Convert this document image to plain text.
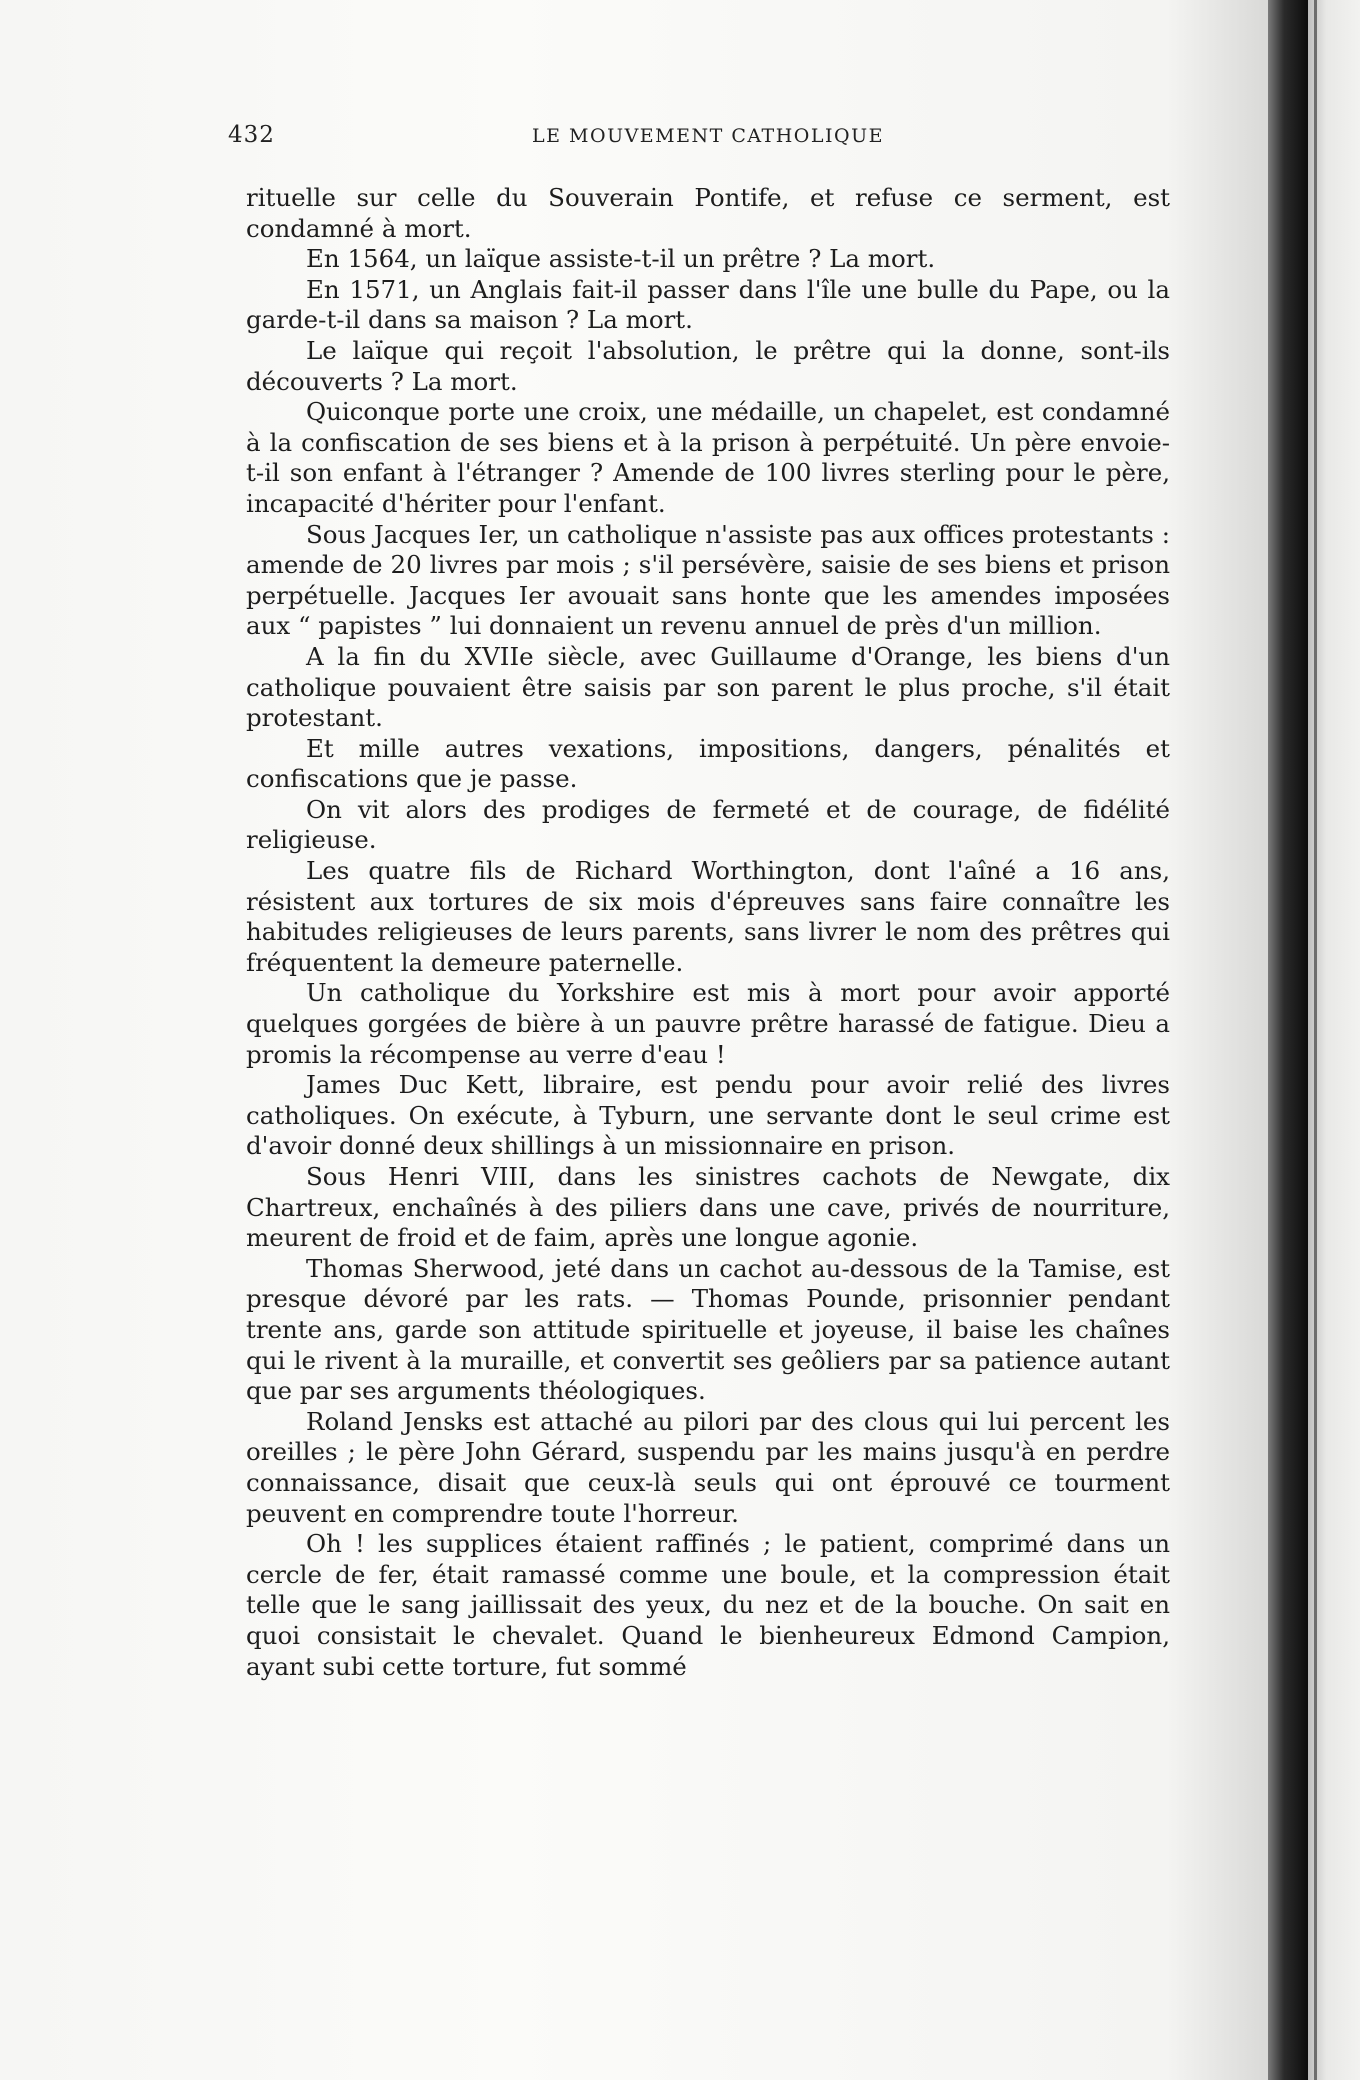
432	LE MOUVEMENT CATHOLIQUE

rituelle sur celle du Souverain Pontife, et refuse ce serment, est condamné à mort.

En 1564, un laïque assiste-t-il un prêtre ? La mort.

En 1571, un Anglais fait-il passer dans l'île une bulle du Pape, ou la garde-t-il dans sa maison ? La mort.

Le laïque qui reçoit l'absolution, le prêtre qui la donne, sont-ils découverts ? La mort.

Quiconque porte une croix, une médaille, un chapelet, est condamné à la confiscation de ses biens et à la prison à perpétuité. Un père envoie-t-il son enfant à l'étranger ? Amende de 100 livres sterling pour le père, incapacité d'hériter pour l'enfant.

Sous Jacques Ier, un catholique n'assiste pas aux offices protestants : amende de 20 livres par mois ; s'il persévère, saisie de ses biens et prison perpétuelle. Jacques Ier avouait sans honte que les amendes imposées aux “ papistes ” lui donnaient un revenu annuel de près d'un million.

A la fin du XVIIe siècle, avec Guillaume d'Orange, les biens d'un catholique pouvaient être saisis par son parent le plus proche, s'il était protestant.

Et mille autres vexations, impositions, dangers, pénalités et confiscations que je passe.

On vit alors des prodiges de fermeté et de courage, de fidélité religieuse.

Les quatre fils de Richard Worthington, dont l'aîné a 16 ans, résistent aux tortures de six mois d'épreuves sans faire connaître les habitudes religieuses de leurs parents, sans livrer le nom des prêtres qui fréquentent la demeure paternelle.

Un catholique du Yorkshire est mis à mort pour avoir apporté quelques gorgées de bière à un pauvre prêtre harassé de fatigue. Dieu a promis la récompense au verre d'eau !

James Duc Kett, libraire, est pendu pour avoir relié des livres catholiques. On exécute, à Tyburn, une servante dont le seul crime est d'avoir donné deux shillings à un missionnaire en prison.

Sous Henri VIII, dans les sinistres cachots de Newgate, dix Chartreux, enchaînés à des piliers dans une cave, privés de nourriture, meurent de froid et de faim, après une longue agonie.

Thomas Sherwood, jeté dans un cachot au-dessous de la Tamise, est presque dévoré par les rats. — Thomas Pounde, prisonnier pendant trente ans, garde son attitude spirituelle et joyeuse, il baise les chaînes qui le rivent à la muraille, et convertit ses geôliers par sa patience autant que par ses arguments théologiques.

Roland Jensks est attaché au pilori par des clous qui lui percent les oreilles ; le père John Gérard, suspendu par les mains jusqu'à en perdre connaissance, disait que ceux-là seuls qui ont éprouvé ce tourment peuvent en comprendre toute l'horreur.

Oh ! les supplices étaient raffinés ; le patient, comprimé dans un cercle de fer, était ramassé comme une boule, et la compression était telle que le sang jaillissait des yeux, du nez et de la bouche. On sait en quoi consistait le chevalet. Quand le bienheureux Edmond Campion, ayant subi cette torture, fut sommé
